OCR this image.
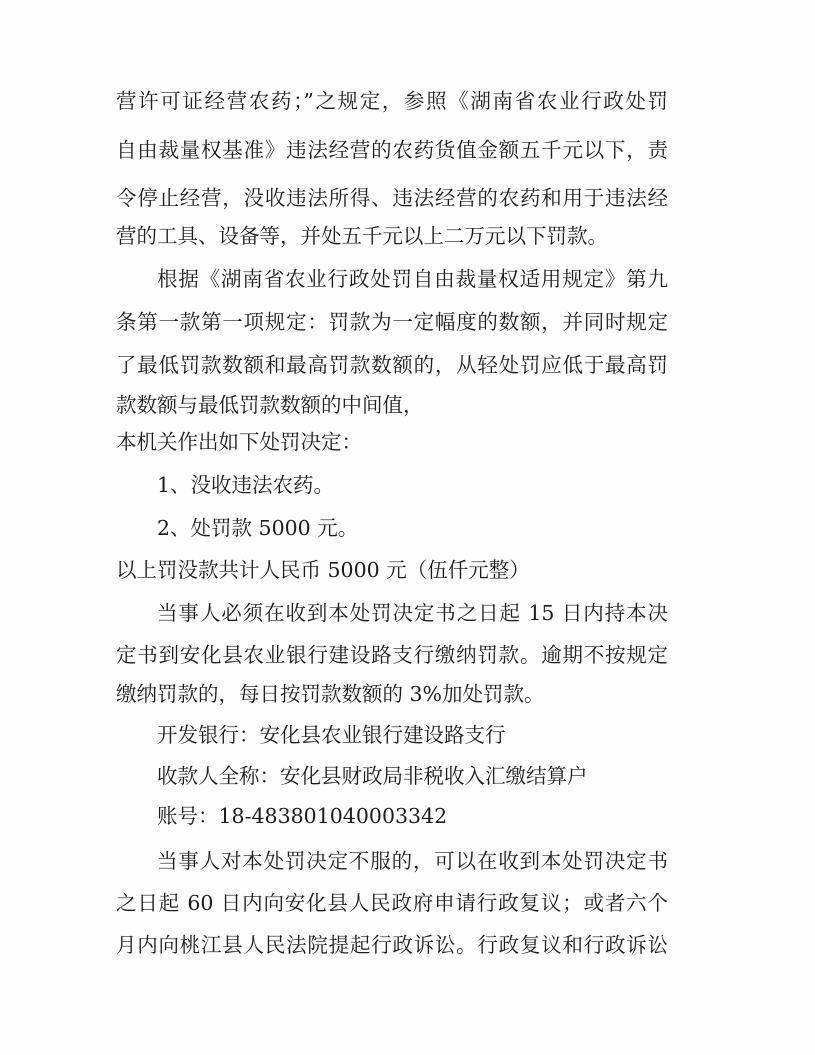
营许可证经营农药；”之规定，参照《湖南省农业行政处罚
自由裁量权基准》违法经营的农药货值金额五千元以下，责
令停止经营，没收违法所得、违法经营的农药和用于违法经
营的工具、设备等，并处五千元以上二万元以下罚款。
根据《湖南省农业行政处罚自由裁量权适用规定》第九
条第一款第一项规定：罚款为一定幅度的数额，并同时规定
了最低罚款数额和最高罚款数额的，从轻处罚应低于最高罚
款数额与最低罚款数额的中间值，
本机关作出如下处罚决定：
1、没收违法农药。
2、处罚款 5000 元。
以上罚没款共计人民币 5000 元（伍仟元整）
当事人必须在收到本处罚决定书之日起 15 日内持本决
定书到安化县农业银行建设路支行缴纳罚款。逾期不按规定
缴纳罚款的，每日按罚款数额的 3%加处罚款。
开发银行：安化县农业银行建设路支行
收款人全称：安化县财政局非税收入汇缴结算户
账号：18-483801040003342
当事人对本处罚决定不服的，可以在收到本处罚决定书
之日起 60 日内向安化县人民政府申请行政复议；或者六个
月内向桃江县人民法院提起行政诉讼。行政复议和行政诉讼
